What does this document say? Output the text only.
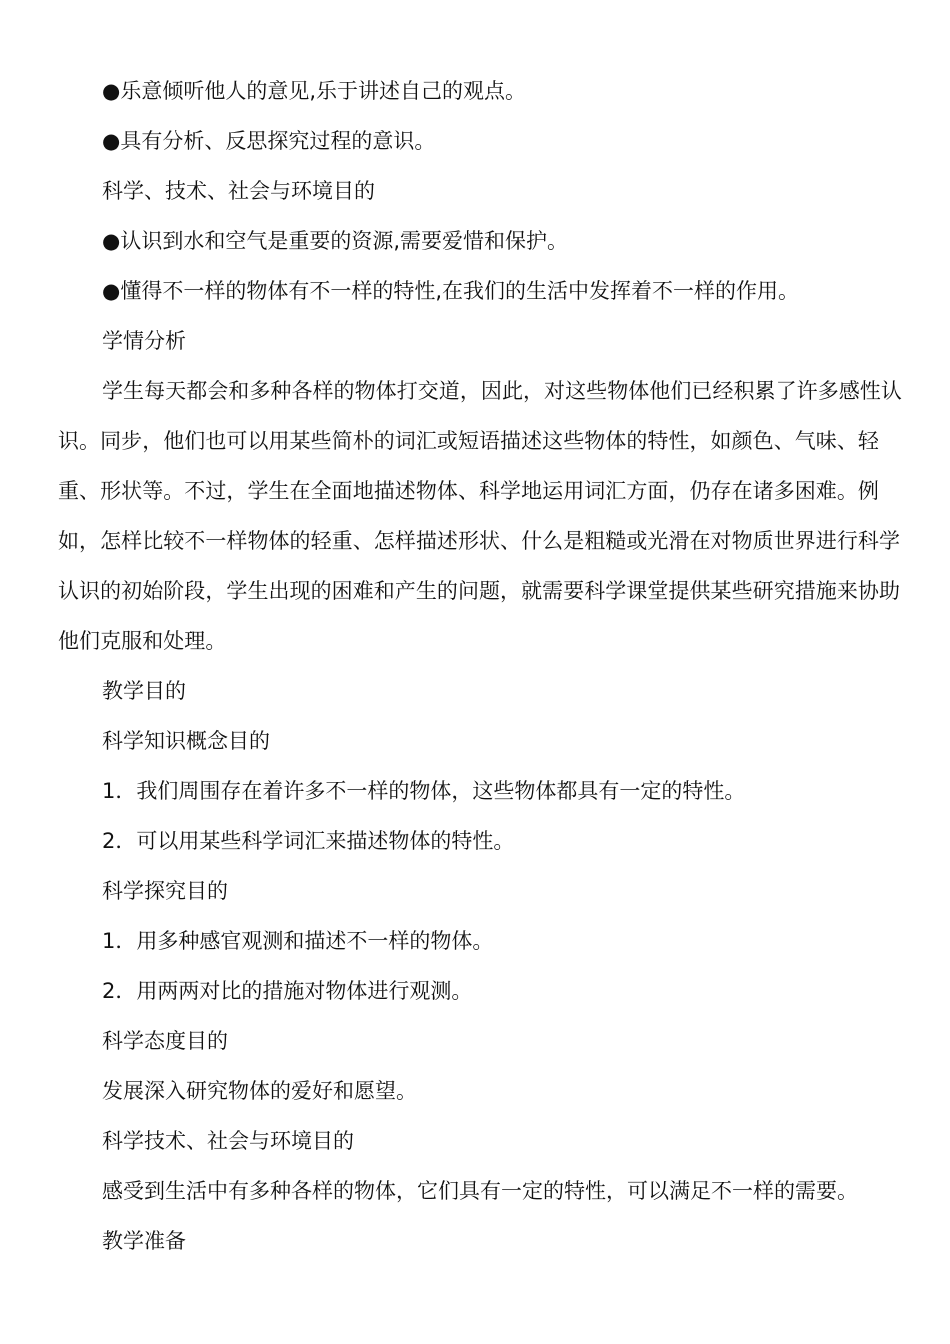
●乐意倾听他人的意见,乐于讲述自己的观点。

●具有分析、反思探究过程的意识。

科学、技术、社会与环境目的

●认识到水和空气是重要的资源,需要爱惜和保护。

●懂得不一样的物体有不一样的特性,在我们的生活中发挥着不一样的作用。

学情分析

学生每天都会和多种各样的物体打交道，因此，对这些物体他们已经积累了许多感性认识。同步，他们也可以用某些简朴的词汇或短语描述这些物体的特性，如颜色、气味、轻重、形状等。不过，学生在全面地描述物体、科学地运用词汇方面，仍存在诸多困难。例如，怎样比较不一样物体的轻重、怎样描述形状、什么是粗糙或光滑在对物质世界进行科学认识的初始阶段，学生出现的困难和产生的问题，就需要科学课堂提供某些研究措施来协助他们克服和处理。

教学目的

科学知识概念目的

1．我们周围存在着许多不一样的物体，这些物体都具有一定的特性。

2．可以用某些科学词汇来描述物体的特性。

科学探究目的

1．用多种感官观测和描述不一样的物体。

2．用两两对比的措施对物体进行观测。

科学态度目的

发展深入研究物体的爱好和愿望。

科学技术、社会与环境目的

感受到生活中有多种各样的物体，它们具有一定的特性，可以满足不一样的需要。

教学准备
